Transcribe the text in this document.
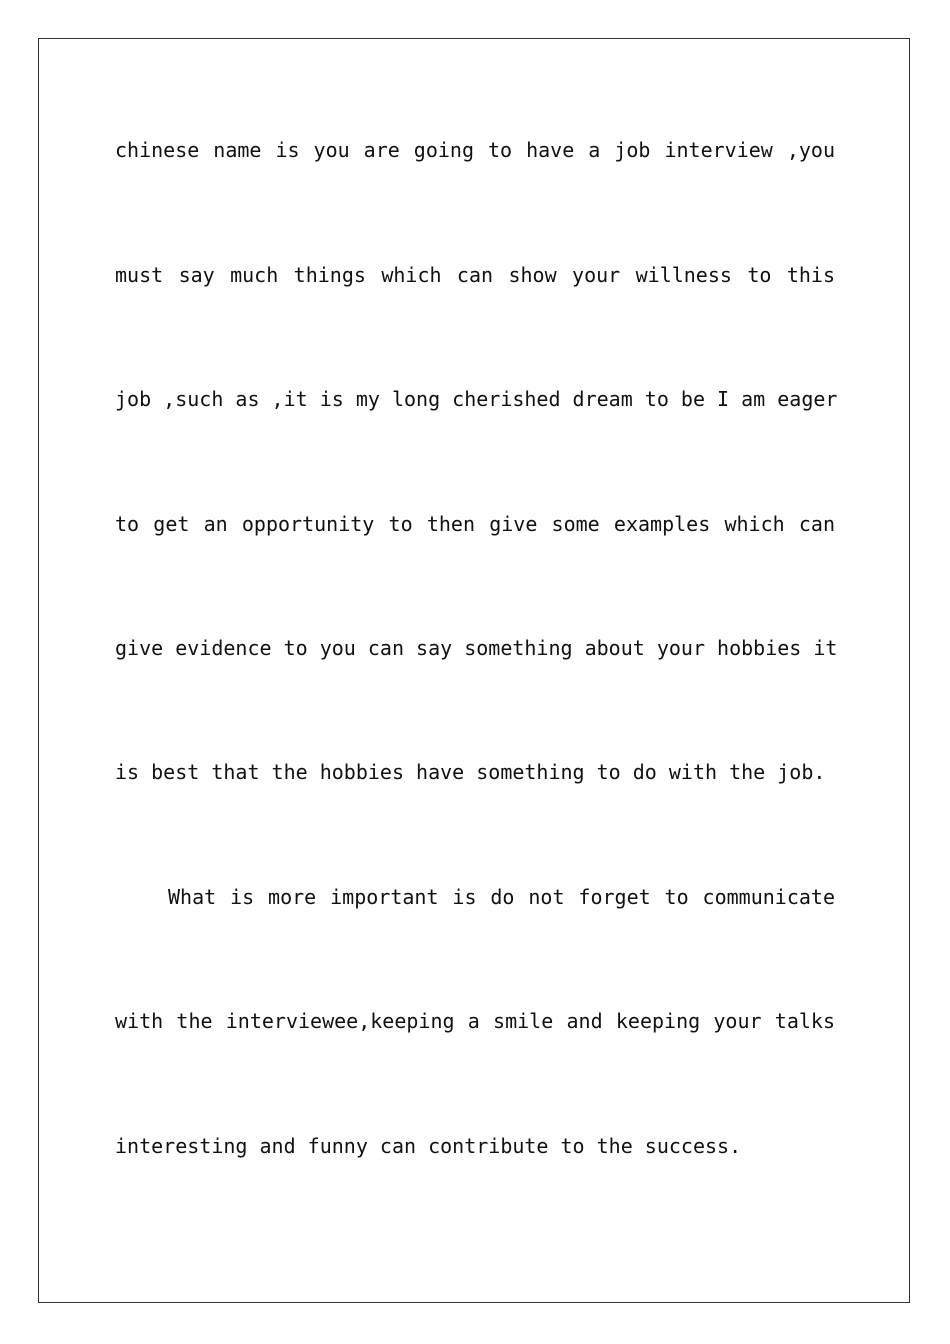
chinese name is you are going to have a job interview ,you
must say much things which can show your willness to this
job ,such as ,it is my long cherished dream to be I am eager
to get an opportunity to then give some examples which can
give evidence to you can say something about your hobbies it
is best that the hobbies have something to do with the job.
What is more important is do not forget to communicate
with the interviewee,keeping a smile and keeping your talks
interesting and funny can contribute to the success.
